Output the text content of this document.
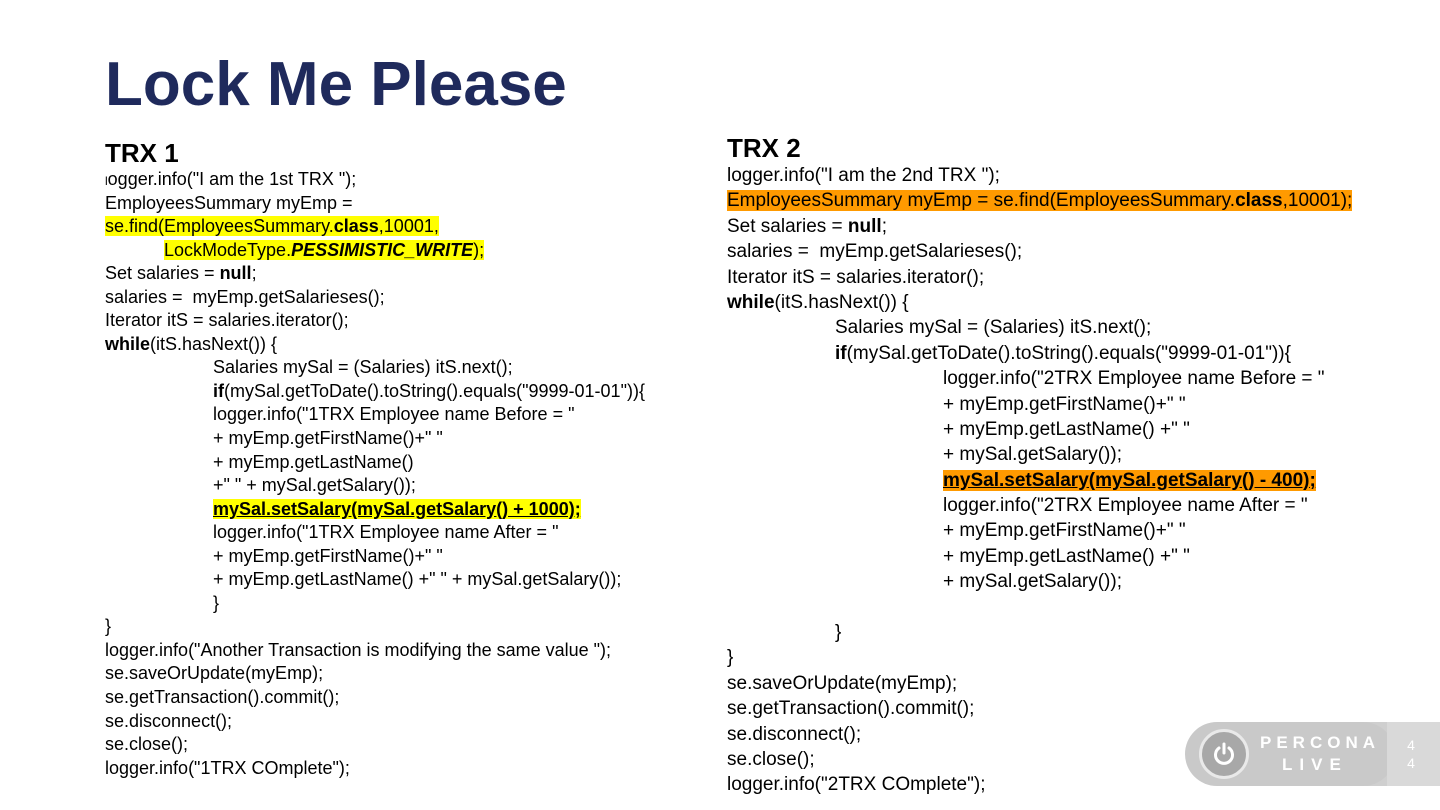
Lock Me Please
TRX 1
logger.info("I am the 1st TRX ");
EmployeesSummary myEmp =
se.find(EmployeesSummary.class,10001,
LockModeType.PESSIMISTIC_WRITE);
Set salaries = null;
salaries =  myEmp.getSalarieses();
Iterator itS = salaries.iterator();
while(itS.hasNext()) {
Salaries mySal = (Salaries) itS.next();
if(mySal.getToDate().toString().equals("9999-01-01")){
logger.info("1TRX Employee name Before = "
+ myEmp.getFirstName()+" "
+ myEmp.getLastName()
+" " + mySal.getSalary());
mySal.setSalary(mySal.getSalary() + 1000);
logger.info("1TRX Employee name After = "
+ myEmp.getFirstName()+" "
+ myEmp.getLastName() +" " + mySal.getSalary());
}
}
logger.info("Another Transaction is modifying the same value ");
se.saveOrUpdate(myEmp);
se.getTransaction().commit();
se.disconnect();
se.close();
logger.info("1TRX COmplete");
TRX 2
logger.info("I am the 2nd TRX ");
EmployeesSummary myEmp = se.find(EmployeesSummary.class,10001);
Set salaries = null;
salaries =  myEmp.getSalarieses();
Iterator itS = salaries.iterator();
while(itS.hasNext()) {
Salaries mySal = (Salaries) itS.next();
if(mySal.getToDate().toString().equals("9999-01-01")){
logger.info("2TRX Employee name Before = "
+ myEmp.getFirstName()+" "
+ myEmp.getLastName() +" "
+ mySal.getSalary());
mySal.setSalary(mySal.getSalary() - 400);
logger.info("2TRX Employee name After = "
+ myEmp.getFirstName()+" "
+ myEmp.getLastName() +" "
+ mySal.getSalary());
}
}
se.saveOrUpdate(myEmp);
se.getTransaction().commit();
se.disconnect();
se.close();
logger.info("2TRX COmplete");
PERCONA
LIVE
44
